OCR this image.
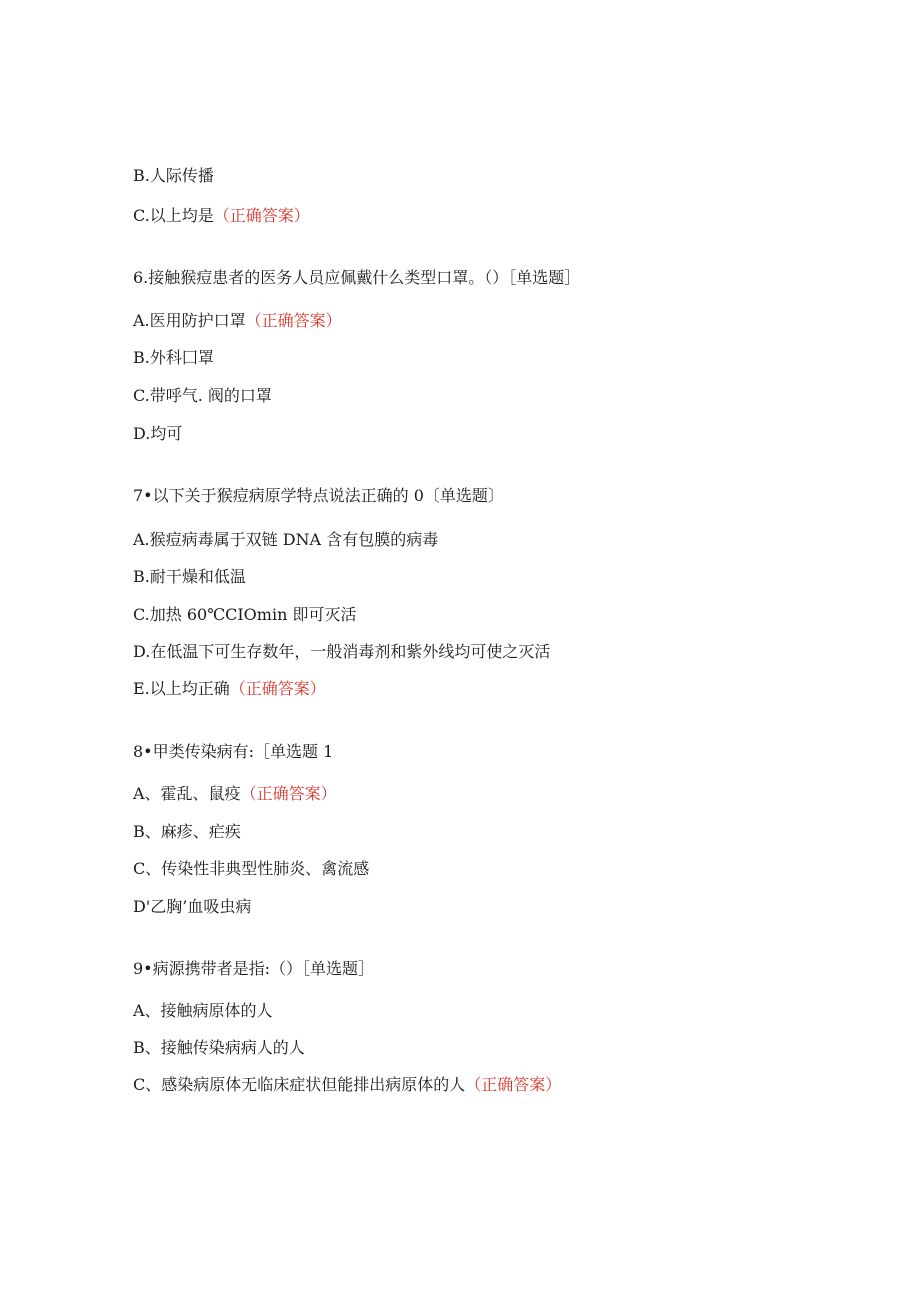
B.人际传播
C.以上均是（正确答案）
6.接触猴痘患者的医务人员应佩戴什么类型口罩。（）［单选题］
A.医用防护口罩（正确答案）
B.外科囗罩
C.带呼气. 阀的口罩
D.均可
7•以下关于猴痘病原学特点说法正确的 0〔单选题〕
A.猴痘病毒属于双链 DNA 含有包膜的病毒
B.耐干燥和低温
C.加热 60℃CIOmin 即可灭活
D.在低温下可生存数年，一般消毒剂和紫外线均可使之灭活
E.以上均正确（正确答案）
8•甲类传染病有:［单选题 1
A、霍乱、鼠疫（正确答案）
B、麻疹、疟疾
C、传染性非典型性肺炎、禽流感
D'乙胸’血吸虫病
9•病源携带者是指:（）［单选题］
A、接触病原体的人
B、接触传染病病人的人
C、感染病原体无临床症状但能排出病原体的人（正确答案）
